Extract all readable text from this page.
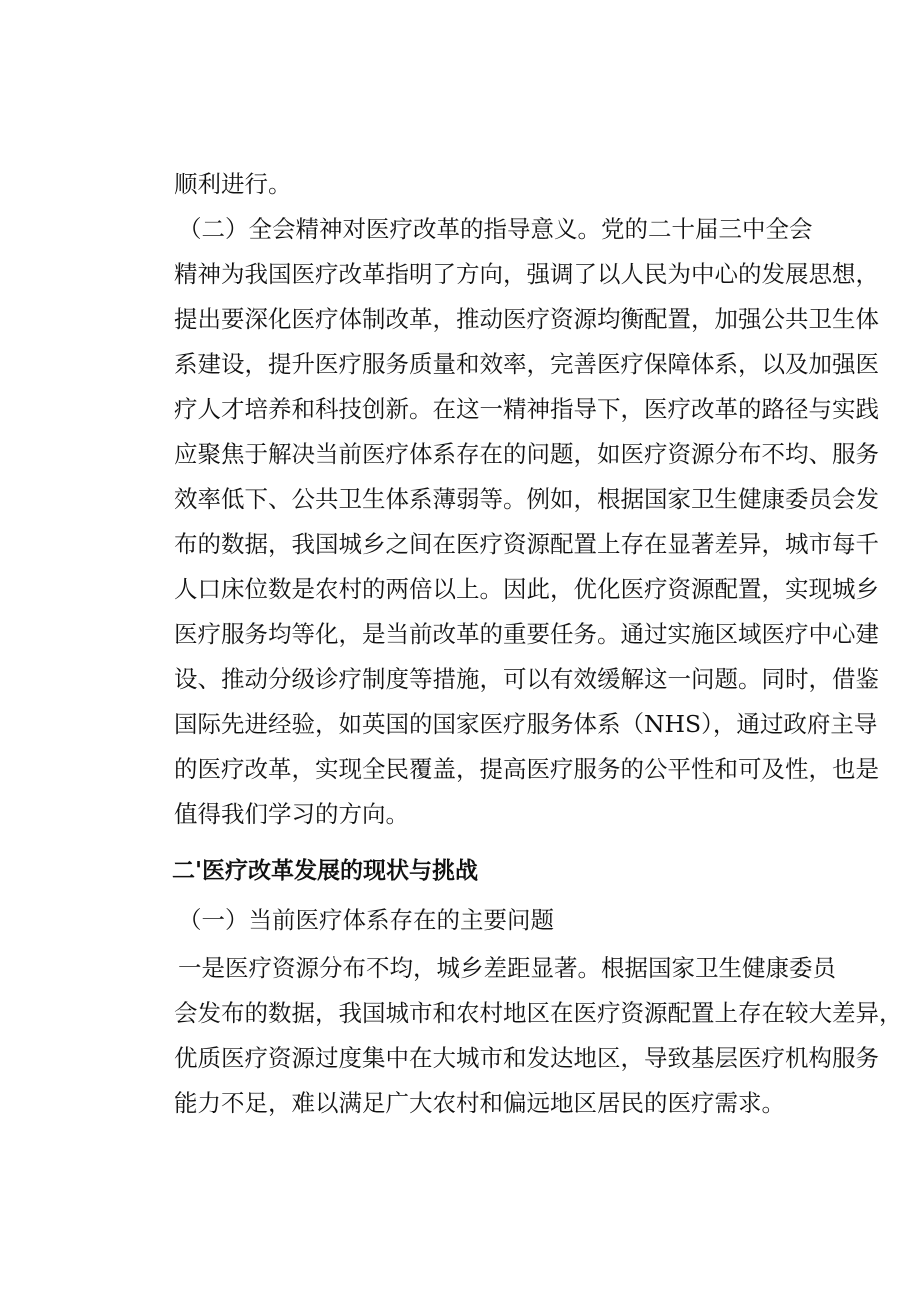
顺利进行。
（二）全会精神对医疗改革的指导意义。党的二十届三中全会
精神为我国医疗改革指明了方向，强调了以人民为中心的发展思想，
提出要深化医疗体制改革，推动医疗资源均衡配置，加强公共卫生体
系建设，提升医疗服务质量和效率，完善医疗保障体系，以及加强医
疗人才培养和科技创新。在这一精神指导下，医疗改革的路径与实践
应聚焦于解决当前医疗体系存在的问题，如医疗资源分布不均、服务
效率低下、公共卫生体系薄弱等。例如，根据国家卫生健康委员会发
布的数据，我国城乡之间在医疗资源配置上存在显著差异，城市每千
人口床位数是农村的两倍以上。因此，优化医疗资源配置，实现城乡
医疗服务均等化，是当前改革的重要任务。通过实施区域医疗中心建
设、推动分级诊疗制度等措施，可以有效缓解这一问题。同时，借鉴
国际先进经验，如英国的国家医疗服务体系（NHS），通过政府主导
的医疗改革，实现全民覆盖，提高医疗服务的公平性和可及性，也是
值得我们学习的方向。
二'医疗改革发展的现状与挑战
（一）当前医疗体系存在的主要问题
一是医疗资源分布不均，城乡差距显著。根据国家卫生健康委员
会发布的数据，我国城市和农村地区在医疗资源配置上存在较大差异，
优质医疗资源过度集中在大城市和发达地区，导致基层医疗机构服务
能力不足，难以满足广大农村和偏远地区居民的医疗需求。
